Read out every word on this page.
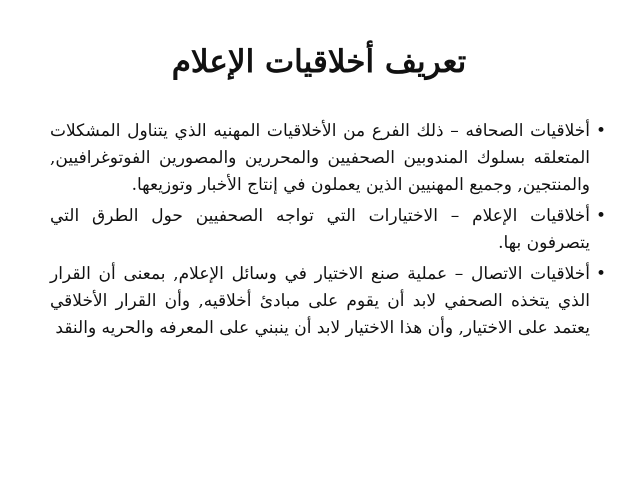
تعريف أخلاقيات الإعلام
•
أخلاقيات الصحافه – ذلك الفرع من الأخلاقيات المهنيه الذي يتناول المشكلات المتعلقه بسلوك المندوبين الصحفيين والمحررين والمصورين الفوتوغرافيين, والمنتجين, وجميع المهنيين الذين يعملون في إنتاج الأخبار وتوزيعها.
•
أخلاقيات الإعلام – الاختيارات التي تواجه الصحفيين حول الطرق التي يتصرفون بها.
•
أخلاقيات الاتصال – عملية صنع الاختيار في وسائل الإعلام, بمعنى أن القرار الذي يتخذه الصحفي لابد أن يقوم على مبادئ أخلاقيه, وأن القرار الأخلاقي يعتمد على الاختيار, وأن هذا الاختيار لابد أن ينبني على المعرفه والحريه والنقد
